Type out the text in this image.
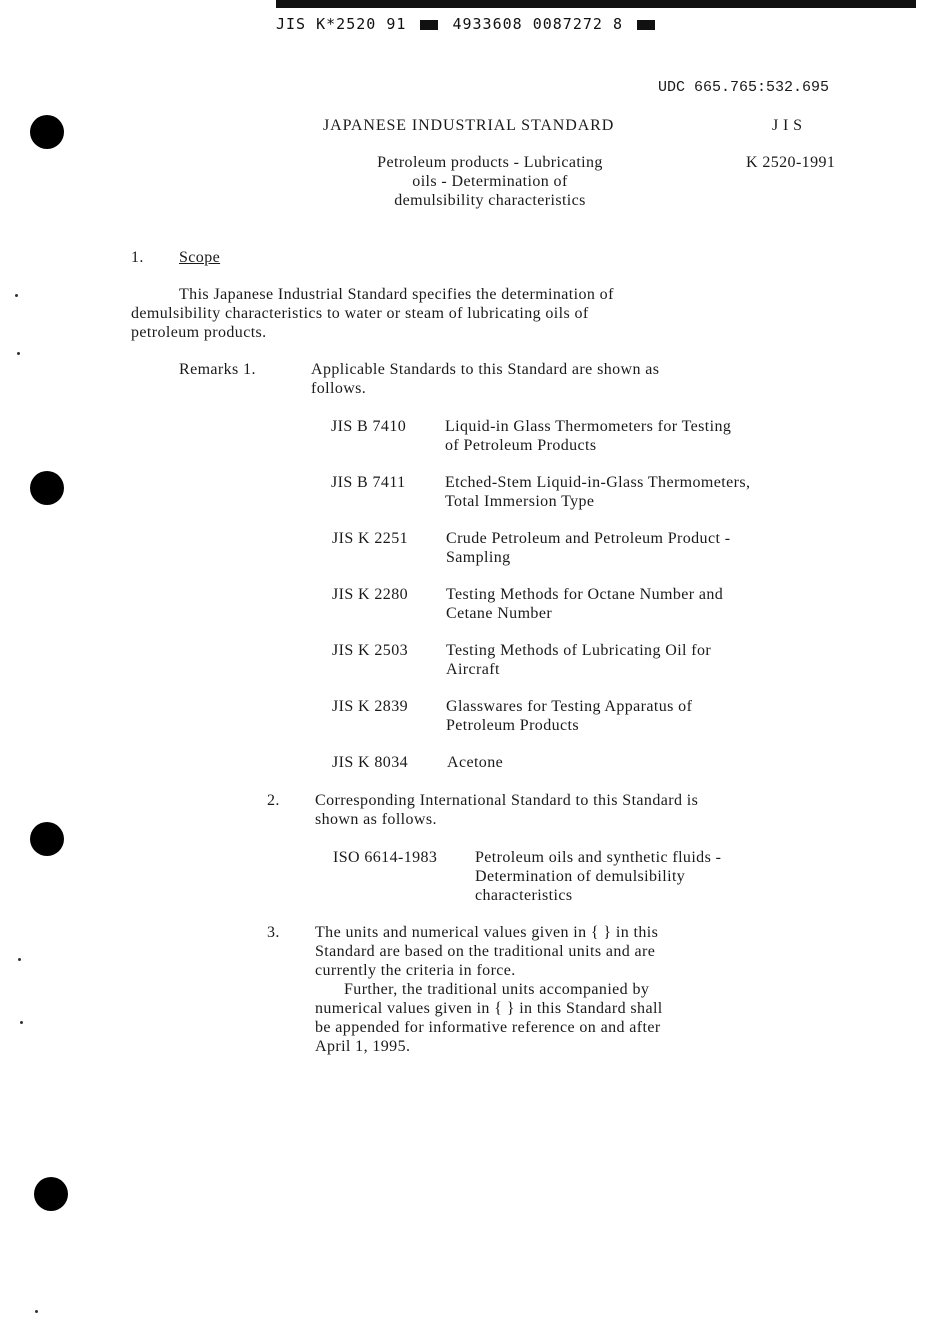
JIS K*2520 91	4933608 0087272 8
UDC 665.765:532.695
JAPANESE INDUSTRIAL STANDARD	J I S
Petroleum products - Lubricating
oils - Determination of
demulsibility characteristics
K 2520-1991
1. Scope
This Japanese Industrial Standard specifies the determination of
demulsibility characteristics to water or steam of lubricating oils of
petroleum products.
Remarks 1.	Applicable Standards to this Standard are shown as
follows.
JIS B 7410 Liquid-in Glass Thermometers for Testing
of Petroleum Products
JIS B 7411 Etched-Stem Liquid-in-Glass Thermometers,
Total Immersion Type
JIS K 2251 Crude Petroleum and Petroleum Product -
Sampling
JIS K 2280 Testing Methods for Octane Number and
Cetane Number
JIS K 2503 Testing Methods of Lubricating Oil for
Aircraft
JIS K 2839 Glasswares for Testing Apparatus of
Petroleum Products
JIS K 8034 Acetone
2. Corresponding International Standard to this Standard is
shown as follows.
ISO 6614-1983 Petroleum oils and synthetic fluids -
Determination of demulsibility
characteristics
3. The units and numerical values given in { } in this
Standard are based on the traditional units and are
currently the criteria in force.
Further, the traditional units accompanied by
numerical values given in { } in this Standard shall
be appended for informative reference on and after
April 1, 1995.
